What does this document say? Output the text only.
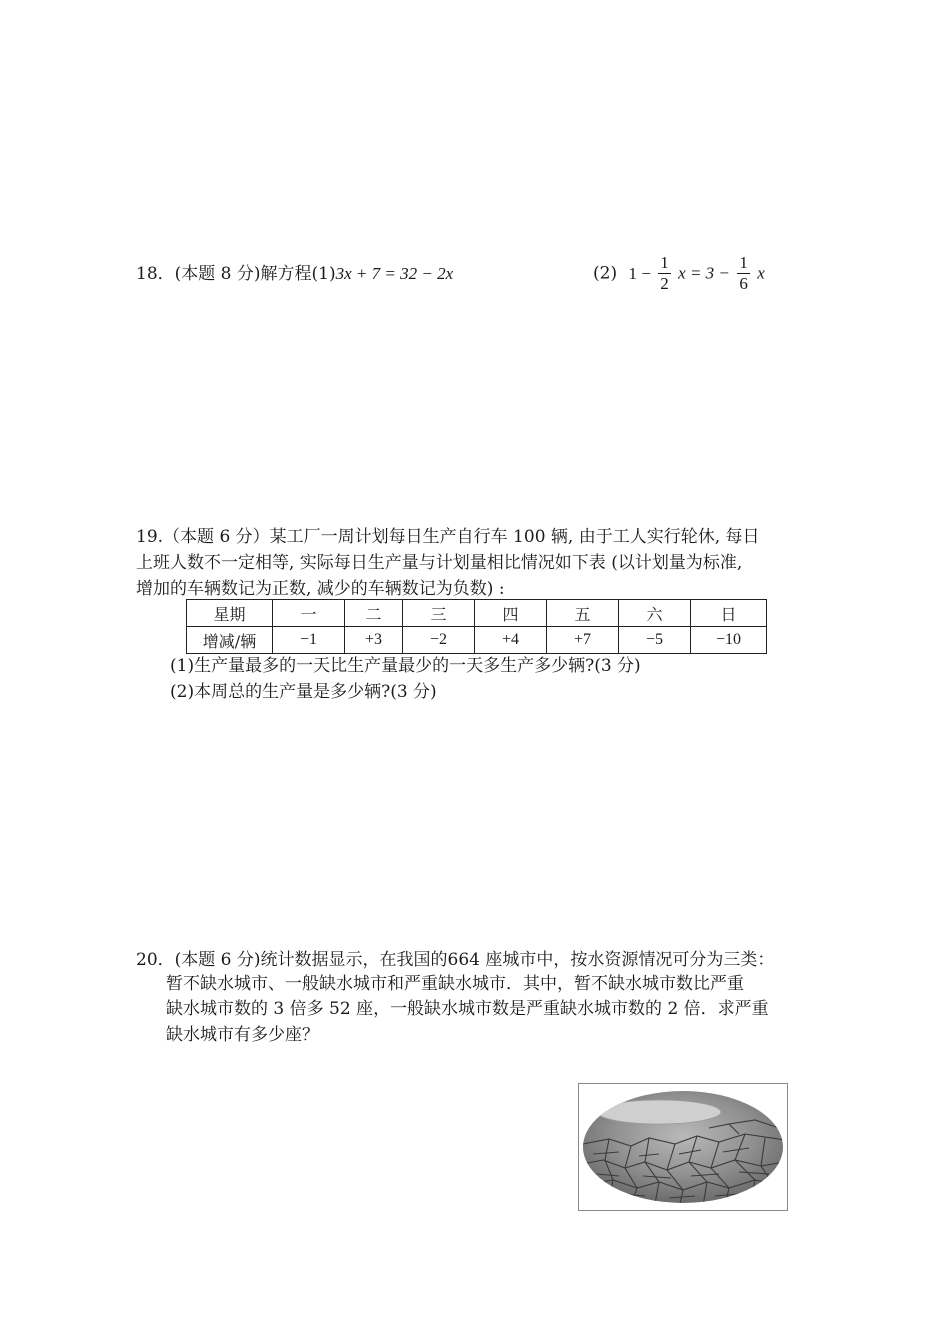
18．(本题 8 分)解方程(1)3x + 7 = 32 − 2x	(2) $1 - \frac{1}{2}$ $x = 3 - \frac{1}{6}$ x
19.（本题 6 分）某工厂一周计划每日生产自行车 100 辆, 由于工人实行轮休, 每日
上班人数不一定相等, 实际每日生产量与计划量相比情况如下表 (以计划量为标准,
增加的车辆数记为正数, 减少的车辆数记为负数) :
星期	一	二	三	四	五	六	日
增减/辆	−1	+3	−2	+4	+7	−5	−10
(1)生产量最多的一天比生产量最少的一天多生产多少辆?(3 分)
(2)本周总的生产量是多少辆?(3 分)
20．(本题 6 分)统计数据显示，在我国的664 座城市中，按水资源情况可分为三类：
暂不缺水城市、一般缺水城市和严重缺水城市．其中，暂不缺水城市数比严重
缺水城市数的 3 倍多 52 座，一般缺水城市数是严重缺水城市数的 2 倍．求严重
缺水城市有多少座？
